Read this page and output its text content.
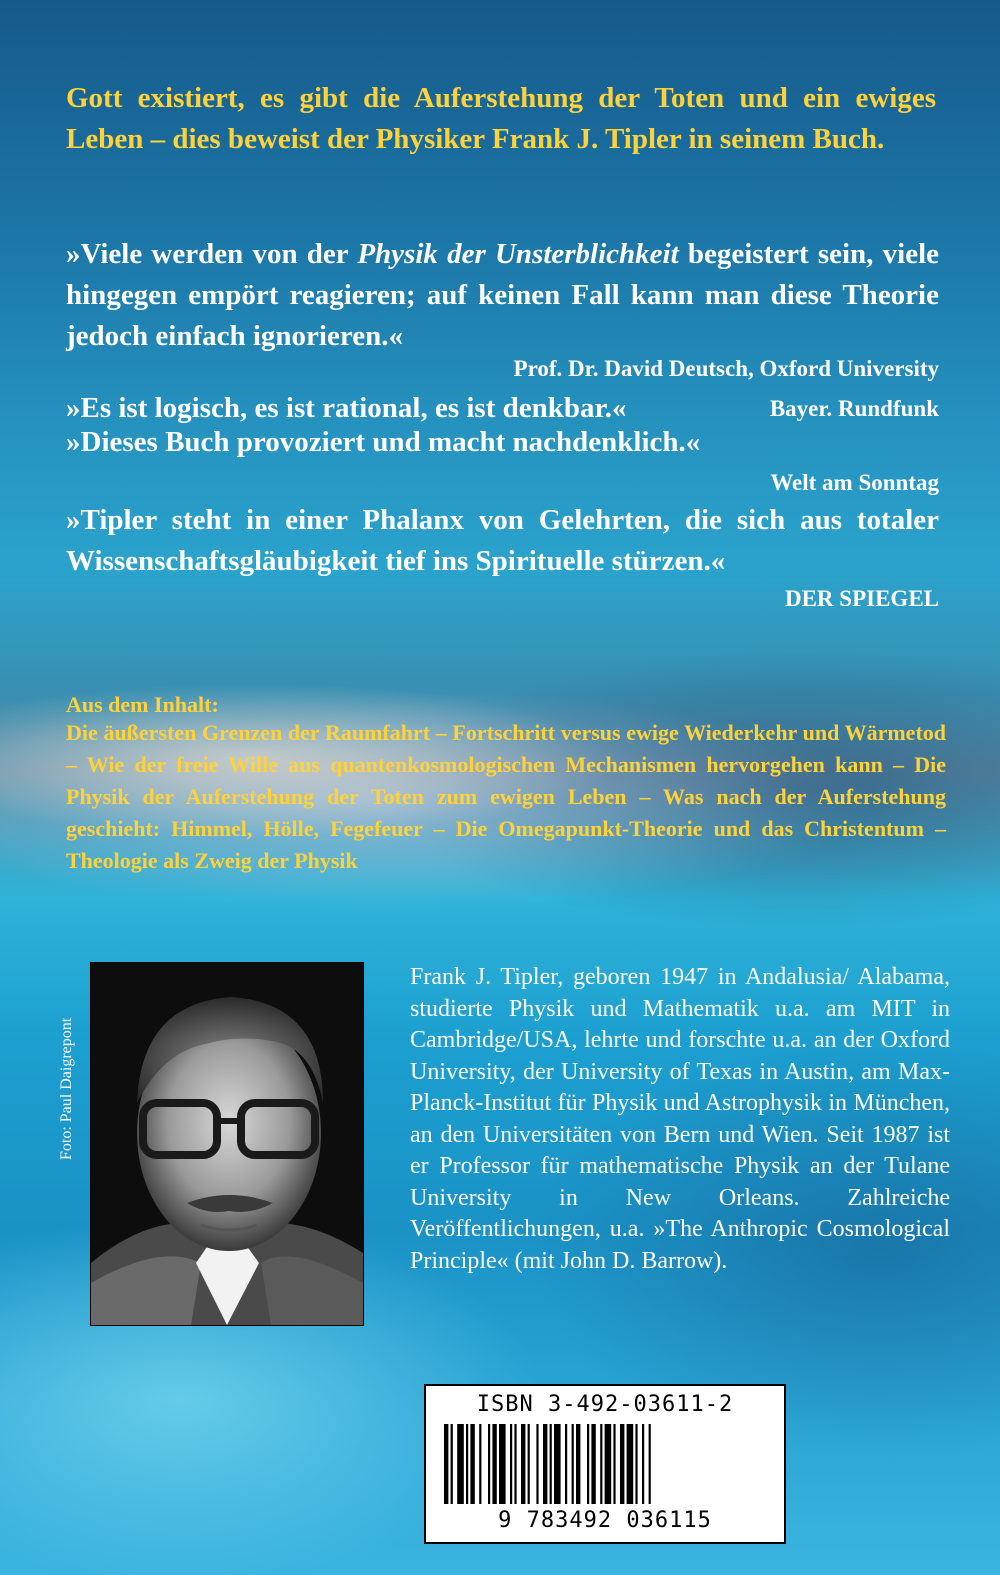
Gott existiert, es gibt die Auferstehung der Toten und ein ewiges Leben – dies beweist der Physiker Frank J. Tipler in seinem Buch.
»Viele werden von der Physik der Unsterblichkeit begeistert sein, viele hingegen empört reagieren; auf keinen Fall kann man diese Theorie jedoch einfach ignorieren.«
Prof. Dr. David Deutsch, Oxford University
»Es ist logisch, es ist rational, es ist denkbar.«	Bayer. Rundfunk
»Dieses Buch provoziert und macht nachdenklich.«
Welt am Sonntag
»Tipler steht in einer Phalanx von Gelehrten, die sich aus totaler Wissenschaftsgläubigkeit tief ins Spirituelle stürzen.«
DER SPIEGEL
Aus dem Inhalt:
Die äußersten Grenzen der Raumfahrt – Fortschritt versus ewige Wiederkehr und Wärmetod – Wie der freie Wille aus quantenkosmologischen Mechanismen hervorgehen kann – Die Physik der Auferstehung der Toten zum ewigen Leben – Was nach der Auferstehung geschieht: Himmel, Hölle, Fegefeuer – Die Omegapunkt-Theorie und das Christentum – Theologie als Zweig der Physik
Foto: Paul Daigrepont
Frank J. Tipler, geboren 1947 in Andalusia/ Alabama, studierte Physik und Mathematik u.a. am MIT in Cambridge/USA, lehrte und forschte u.a. an der Oxford University, der University of Texas in Austin, am Max-Planck-Institut für Physik und Astrophysik in München, an den Universitäten von Bern und Wien. Seit 1987 ist er Professor für mathematische Physik an der Tulane University in New Orleans. Zahlreiche Veröffentlichungen, u.a. »The Anthropic Cosmological Principle« (mit John D. Barrow).
ISBN 3-492-03611-2
9 783492 036115
